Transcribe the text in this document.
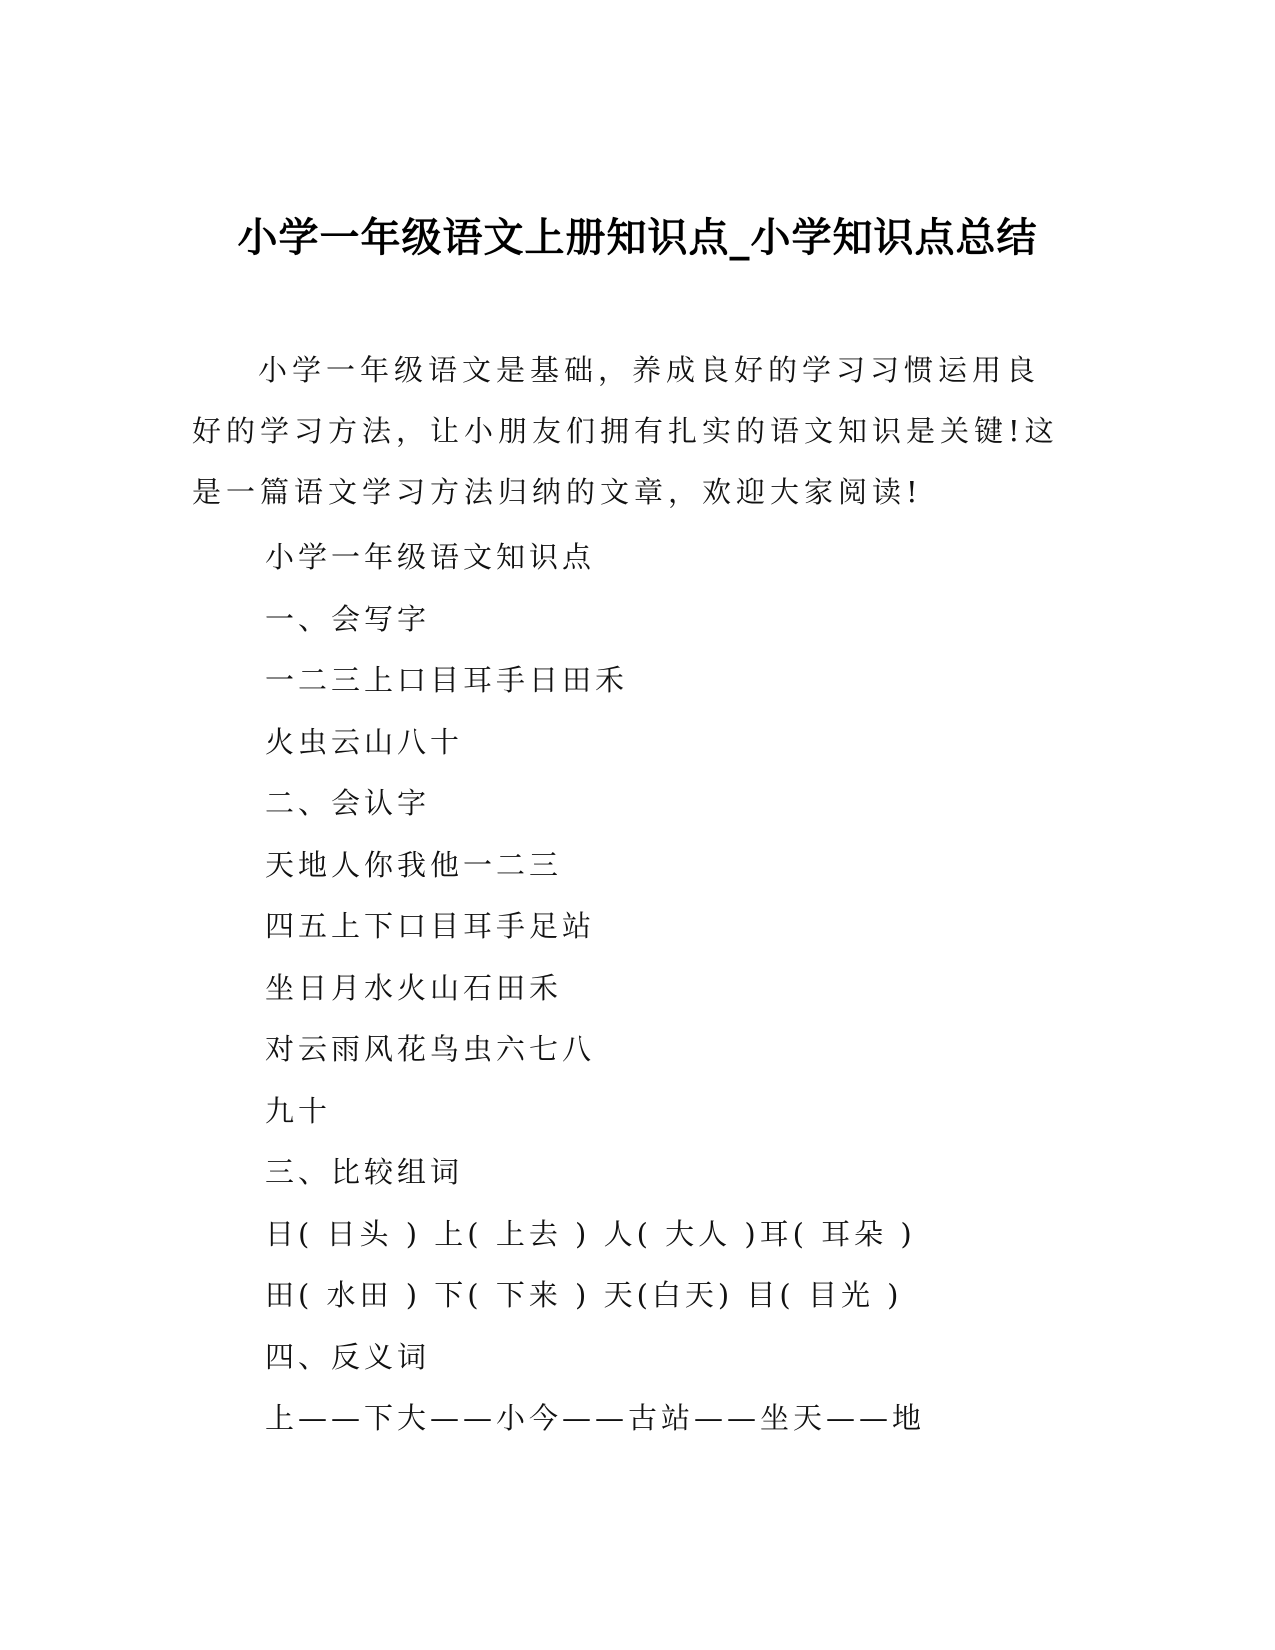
小学一年级语文上册知识点_小学知识点总结

小学一年级语文是基础，养成良好的学习习惯运用良好的学习方法，让小朋友们拥有扎实的语文知识是关键!这是一篇语文学习方法归纳的文章，欢迎大家阅读!

小学一年级语文知识点
一、会写字
一二三上口目耳手日田禾
火虫云山八十
二、会认字
天地人你我他一二三
四五上下口目耳手足站
坐日月水火山石田禾
对云雨风花鸟虫六七八
九十
三、比较组词
日( 日头 ) 上( 上去 ) 人( 大人 )耳( 耳朵 )
田( 水田 ) 下( 下来 ) 天(白天) 目( 目光 )
四、反义词
上——下大——小今——古站——坐天——地
